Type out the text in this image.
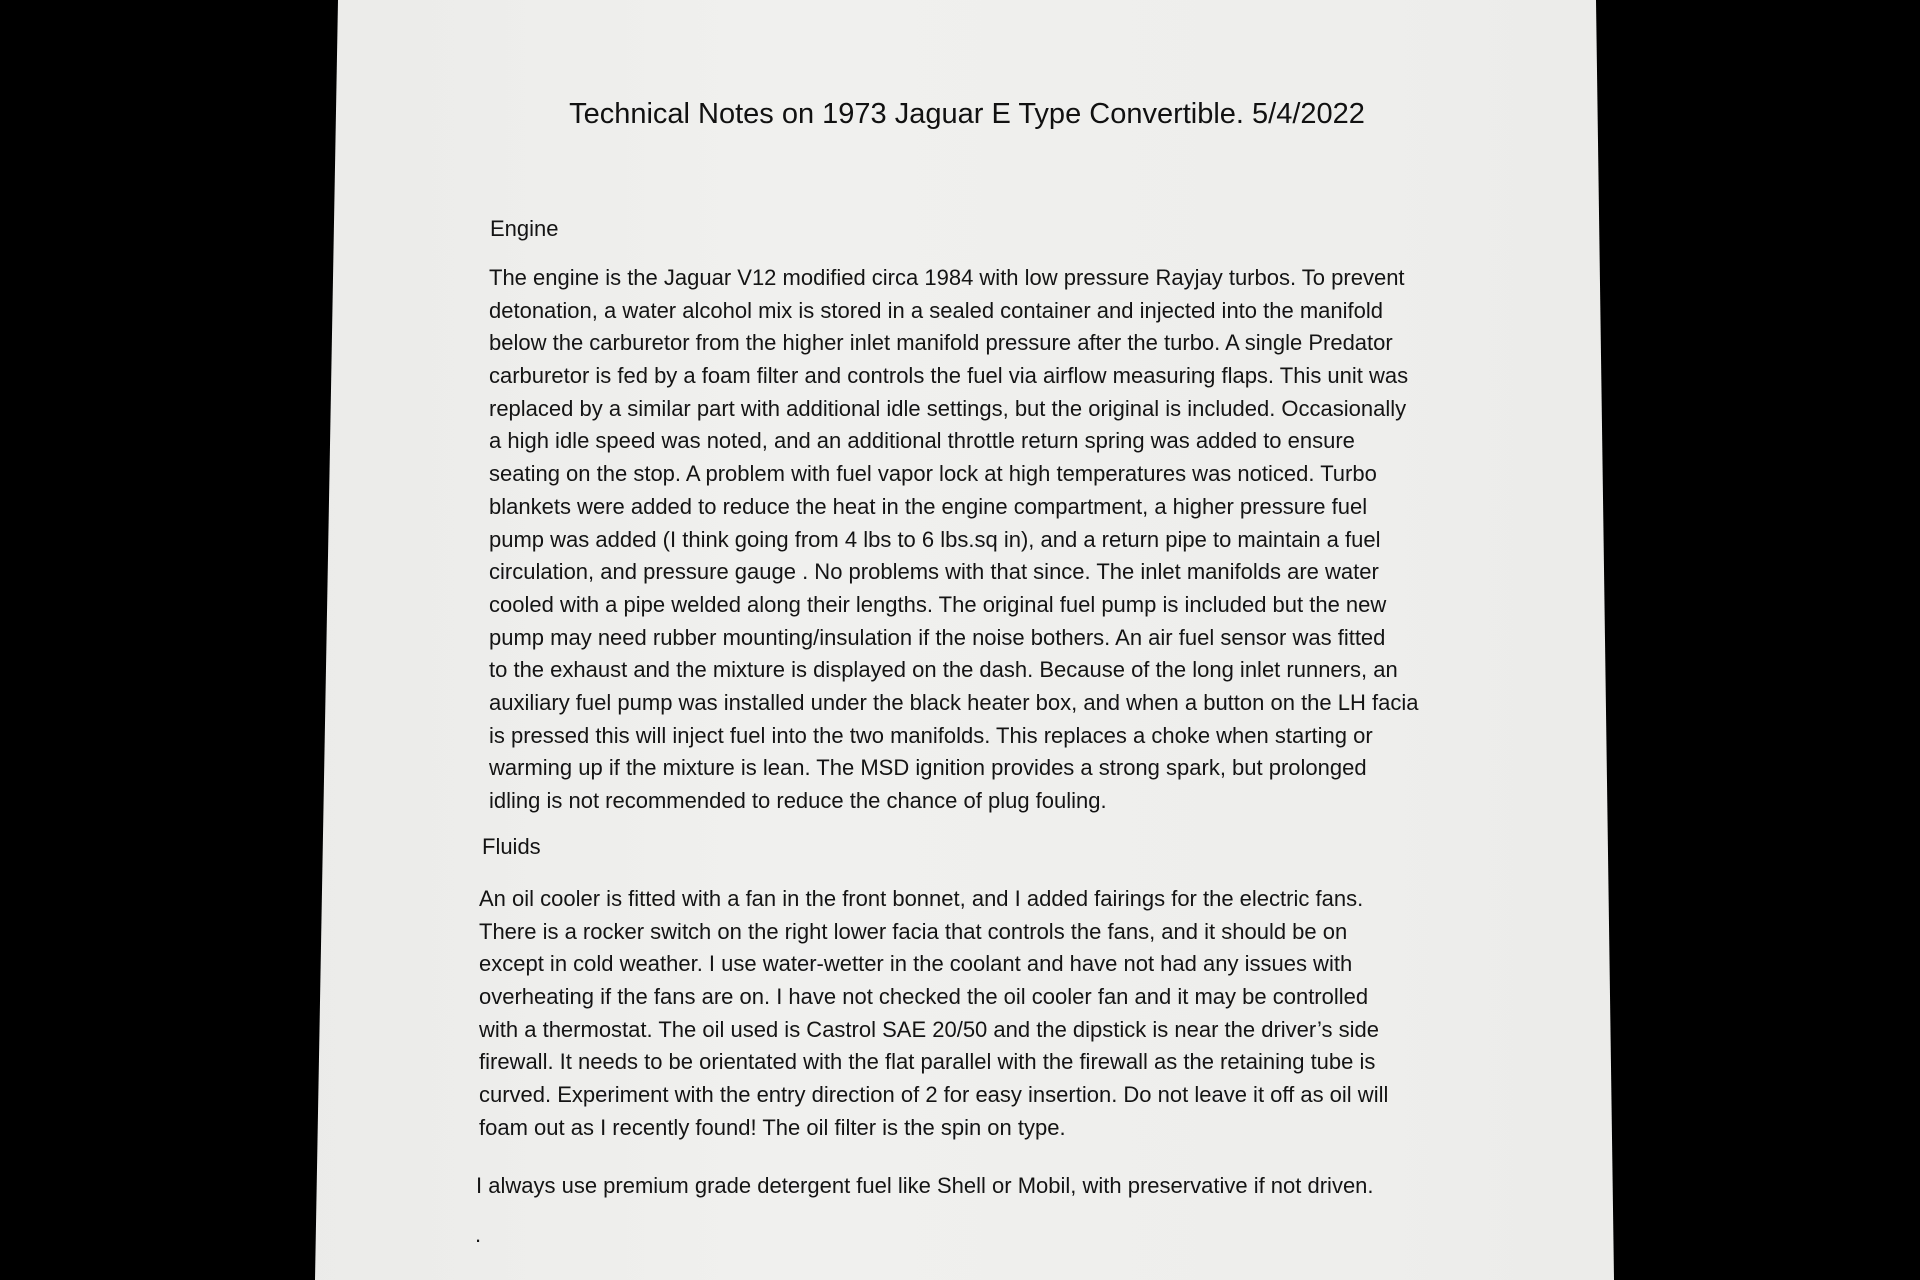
Technical Notes on 1973 Jaguar E Type Convertible. 5/4/2022

Engine

The engine is the Jaguar V12 modified circa 1984 with low pressure Rayjay turbos. To prevent
detonation, a water alcohol mix is stored in a sealed container and injected into the manifold
below the carburetor from the higher inlet manifold pressure after the turbo. A single Predator
carburetor is fed by a foam filter and controls the fuel via airflow measuring flaps. This unit was
replaced by a similar part with additional idle settings, but the original is included. Occasionally
a high idle speed was noted, and an additional throttle return spring was added to ensure
seating on the stop. A problem with fuel vapor lock at high temperatures was noticed. Turbo
blankets were added to reduce the heat in the engine compartment, a higher pressure fuel
pump was added (I think going from 4 lbs to 6 lbs.sq in), and a return pipe to maintain a fuel
circulation, and pressure gauge . No problems with that since. The inlet manifolds are water
cooled with a pipe welded along their lengths. The original fuel pump is included but the new
pump may need rubber mounting/insulation if the noise bothers. An air fuel sensor was fitted
to the exhaust and the mixture is displayed on the dash. Because of the long inlet runners, an
auxiliary fuel pump was installed under the black heater box, and when a button on the LH facia
is pressed this will inject fuel into the two manifolds. This replaces a choke when starting or
warming up if the mixture is lean. The MSD ignition provides a strong spark, but prolonged
idling is not recommended to reduce the chance of plug fouling.

Fluids

An oil cooler is fitted with a fan in the front bonnet, and I added fairings for the electric fans.
There is a rocker switch on the right lower facia that controls the fans, and it should be on
except in cold weather. I use water-wetter in the coolant and have not had any issues with
overheating if the fans are on. I have not checked the oil cooler fan and it may be controlled
with a thermostat. The oil used is Castrol SAE 20/50 and the dipstick is near the driver’s side
firewall. It needs to be orientated with the flat parallel with the firewall as the retaining tube is
curved. Experiment with the entry direction of 2 for easy insertion. Do not leave it off as oil will
foam out as I recently found! The oil filter is the spin on type.

I always use premium grade detergent fuel like Shell or Mobil, with preservative if not driven.

.
